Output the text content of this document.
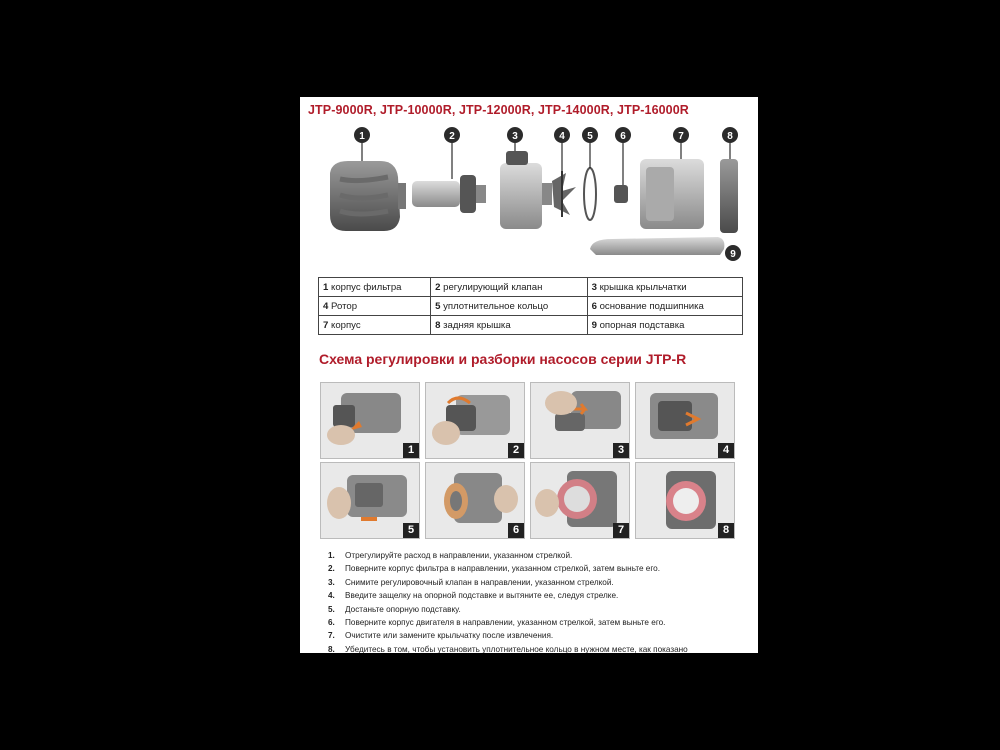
JTP-9000R, JTP-10000R, JTP-12000R, JTP-14000R, JTP-16000R
1	2	3	4 5	6	7	8
9
1 корпус фильтра	2 регулирующий клапан	3 крышка крыльчатки
4 Ротор	5 уплотнительное кольцо	6 основание подшипника
7 корпус	8 задняя крышка	9 опорная подставка
Схема регулировки и разборки насосов серии JTP-R
1	2	3	4
5	6	7	8
1. Отрегулируйте расход в направлении, указанном стрелкой.
2. Поверните корпус фильтра в направлении, указанном стрелкой, затем выньте его.
3. Снимите регулировочный клапан в направлении, указанном стрелкой.
4. Введите защелку на опорной подставке и вытяните ее, следуя стрелке.
5. Достаньте опорную подставку.
6. Поверните корпус двигателя в направлении, указанном стрелкой, затем выньте его.
7. Очистите или замените крыльчатку после извлечения.
8. Убедитесь в том, чтобы установить уплотнительное кольцо в нужном месте, как показано
